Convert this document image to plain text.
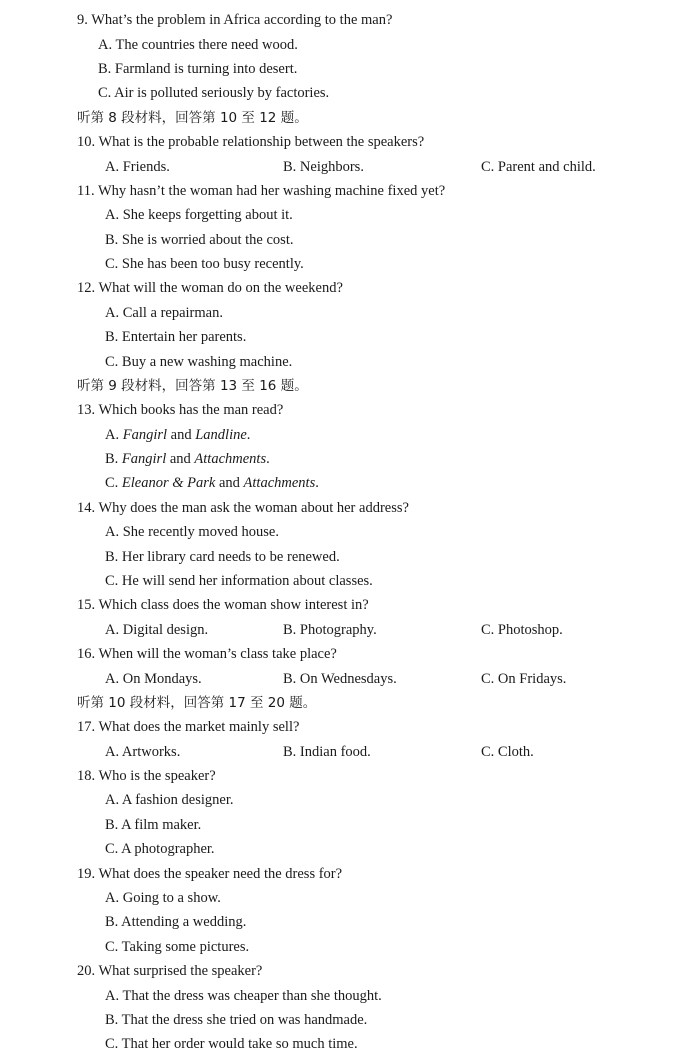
9. What’s the problem in Africa according to the man?
A. The countries there need wood.
B. Farmland is turning into desert.
C. Air is polluted seriously by factories.
听第 8 段材料，回答第 10 至 12 题。
10. What is the probable relationship between the speakers?
A. Friends.	B. Neighbors.	C. Parent and child.
11. Why hasn’t the woman had her washing machine fixed yet?
A. She keeps forgetting about it.
B. She is worried about the cost.
C. She has been too busy recently.
12. What will the woman do on the weekend?
A. Call a repairman.
B. Entertain her parents.
C. Buy a new washing machine.
听第 9 段材料，回答第 13 至 16 题。
13. Which books has the man read?
A. Fangirl and Landline.
B. Fangirl and Attachments.
C. Eleanor & Park and Attachments.
14. Why does the man ask the woman about her address?
A. She recently moved house.
B. Her library card needs to be renewed.
C. He will send her information about classes.
15. Which class does the woman show interest in?
A. Digital design.	B. Photography.	C. Photoshop.
16. When will the woman’s class take place?
A. On Mondays.	B. On Wednesdays.	C. On Fridays.
听第 10 段材料，回答第 17 至 20 题。
17. What does the market mainly sell?
A. Artworks.	B. Indian food.	C. Cloth.
18. Who is the speaker?
A. A fashion designer.
B. A film maker.
C. A photographer.
19. What does the speaker need the dress for?
A. Going to a show.
B. Attending a wedding.
C. Taking some pictures.
20. What surprised the speaker?
A. That the dress was cheaper than she thought.
B. That the dress she tried on was handmade.
C. That her order would take so much time.
